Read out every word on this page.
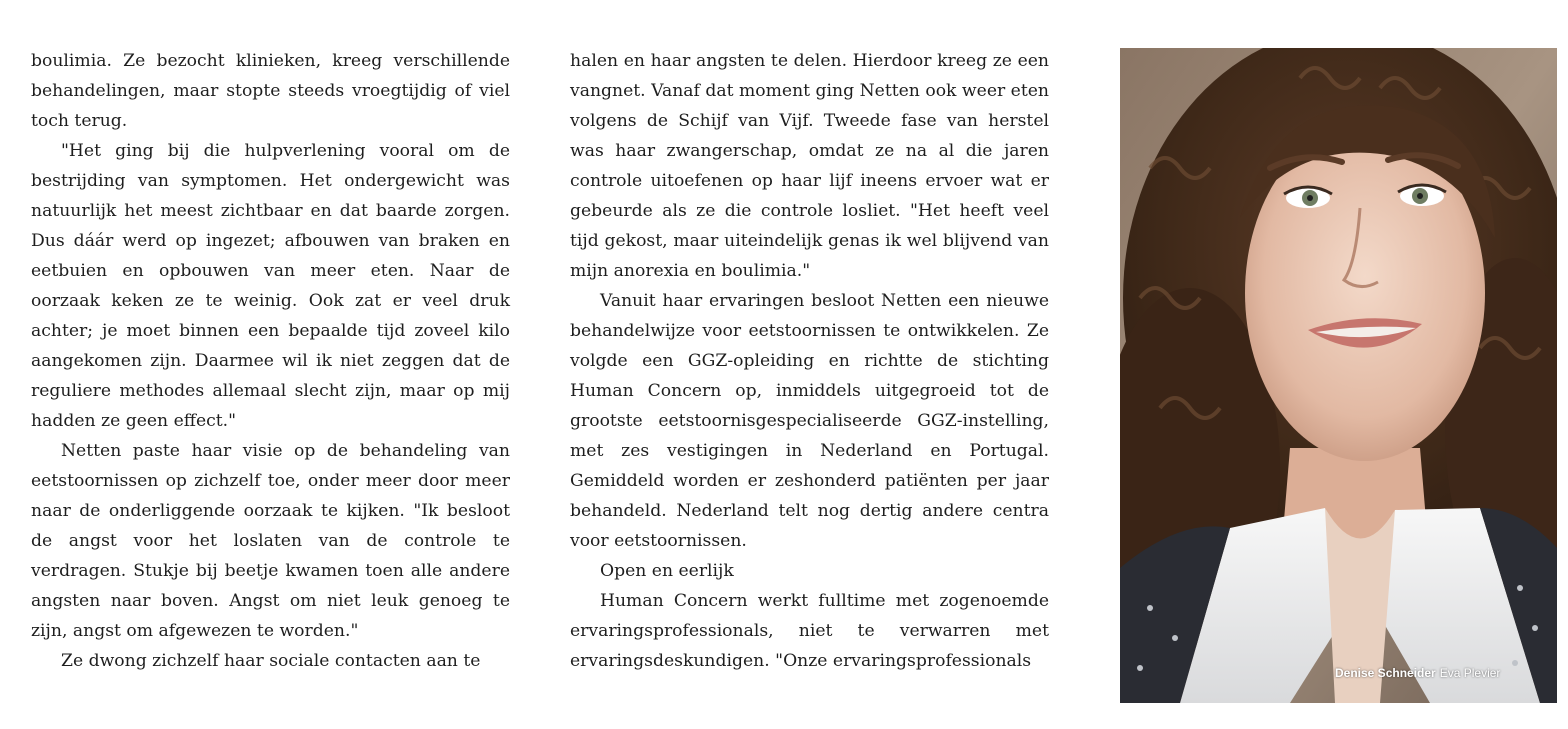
boulimia. Ze bezocht klinieken, kreeg verschillende behandelingen, maar stopte steeds vroegtijdig of viel toch terug.

"Het ging bij die hulpverlening vooral om de bestrijding van symptomen. Het ondergewicht was natuurlijk het meest zichtbaar en dat baarde zorgen. Dus dáár werd op ingezet; afbouwen van braken en eetbuien en opbouwen van meer eten. Naar de oorzaak keken ze te weinig. Ook zat er veel druk achter; je moet binnen een bepaalde tijd zoveel kilo aangekomen zijn. Daarmee wil ik niet zeggen dat de reguliere methodes allemaal slecht zijn, maar op mij hadden ze geen effect."

Netten paste haar visie op de behandeling van eetstoornissen op zichzelf toe, onder meer door meer naar de onderliggende oorzaak te kijken. "Ik besloot de angst voor het loslaten van de controle te verdragen. Stukje bij beetje kwamen toen alle andere angsten naar boven. Angst om niet leuk genoeg te zijn, angst om afgewezen te worden."

Ze dwong zichzelf haar sociale contacten aan te

halen en haar angsten te delen. Hierdoor kreeg ze een vangnet. Vanaf dat moment ging Netten ook weer eten volgens de Schijf van Vijf. Tweede fase van herstel was haar zwangerschap, omdat ze na al die jaren controle uitoefenen op haar lijf ineens ervoer wat er gebeurde als ze die controle losliet. "Het heeft veel tijd gekost, maar uiteindelijk genas ik wel blijvend van mijn anorexia en boulimia."

Vanuit haar ervaringen besloot Netten een nieuwe behandelwijze voor eetstoornissen te ontwikkelen. Ze volgde een GGZ-opleiding en richtte de stichting Human Concern op, inmiddels uitgegroeid tot de grootste eetstoornisgespecialiseerde GGZ-instelling, met zes vestigingen in Nederland en Portugal. Gemiddeld worden er zeshonderd patiënten per jaar behandeld. Nederland telt nog dertig andere centra voor eetstoornissen.

Open en eerlijk

Human Concern werkt fulltime met zogenoemde ervaringsprofessionals, niet te verwarren met ervaringsdeskundigen. "Onze ervaringsprofessionals

Denise Schneider Eva Plevier
